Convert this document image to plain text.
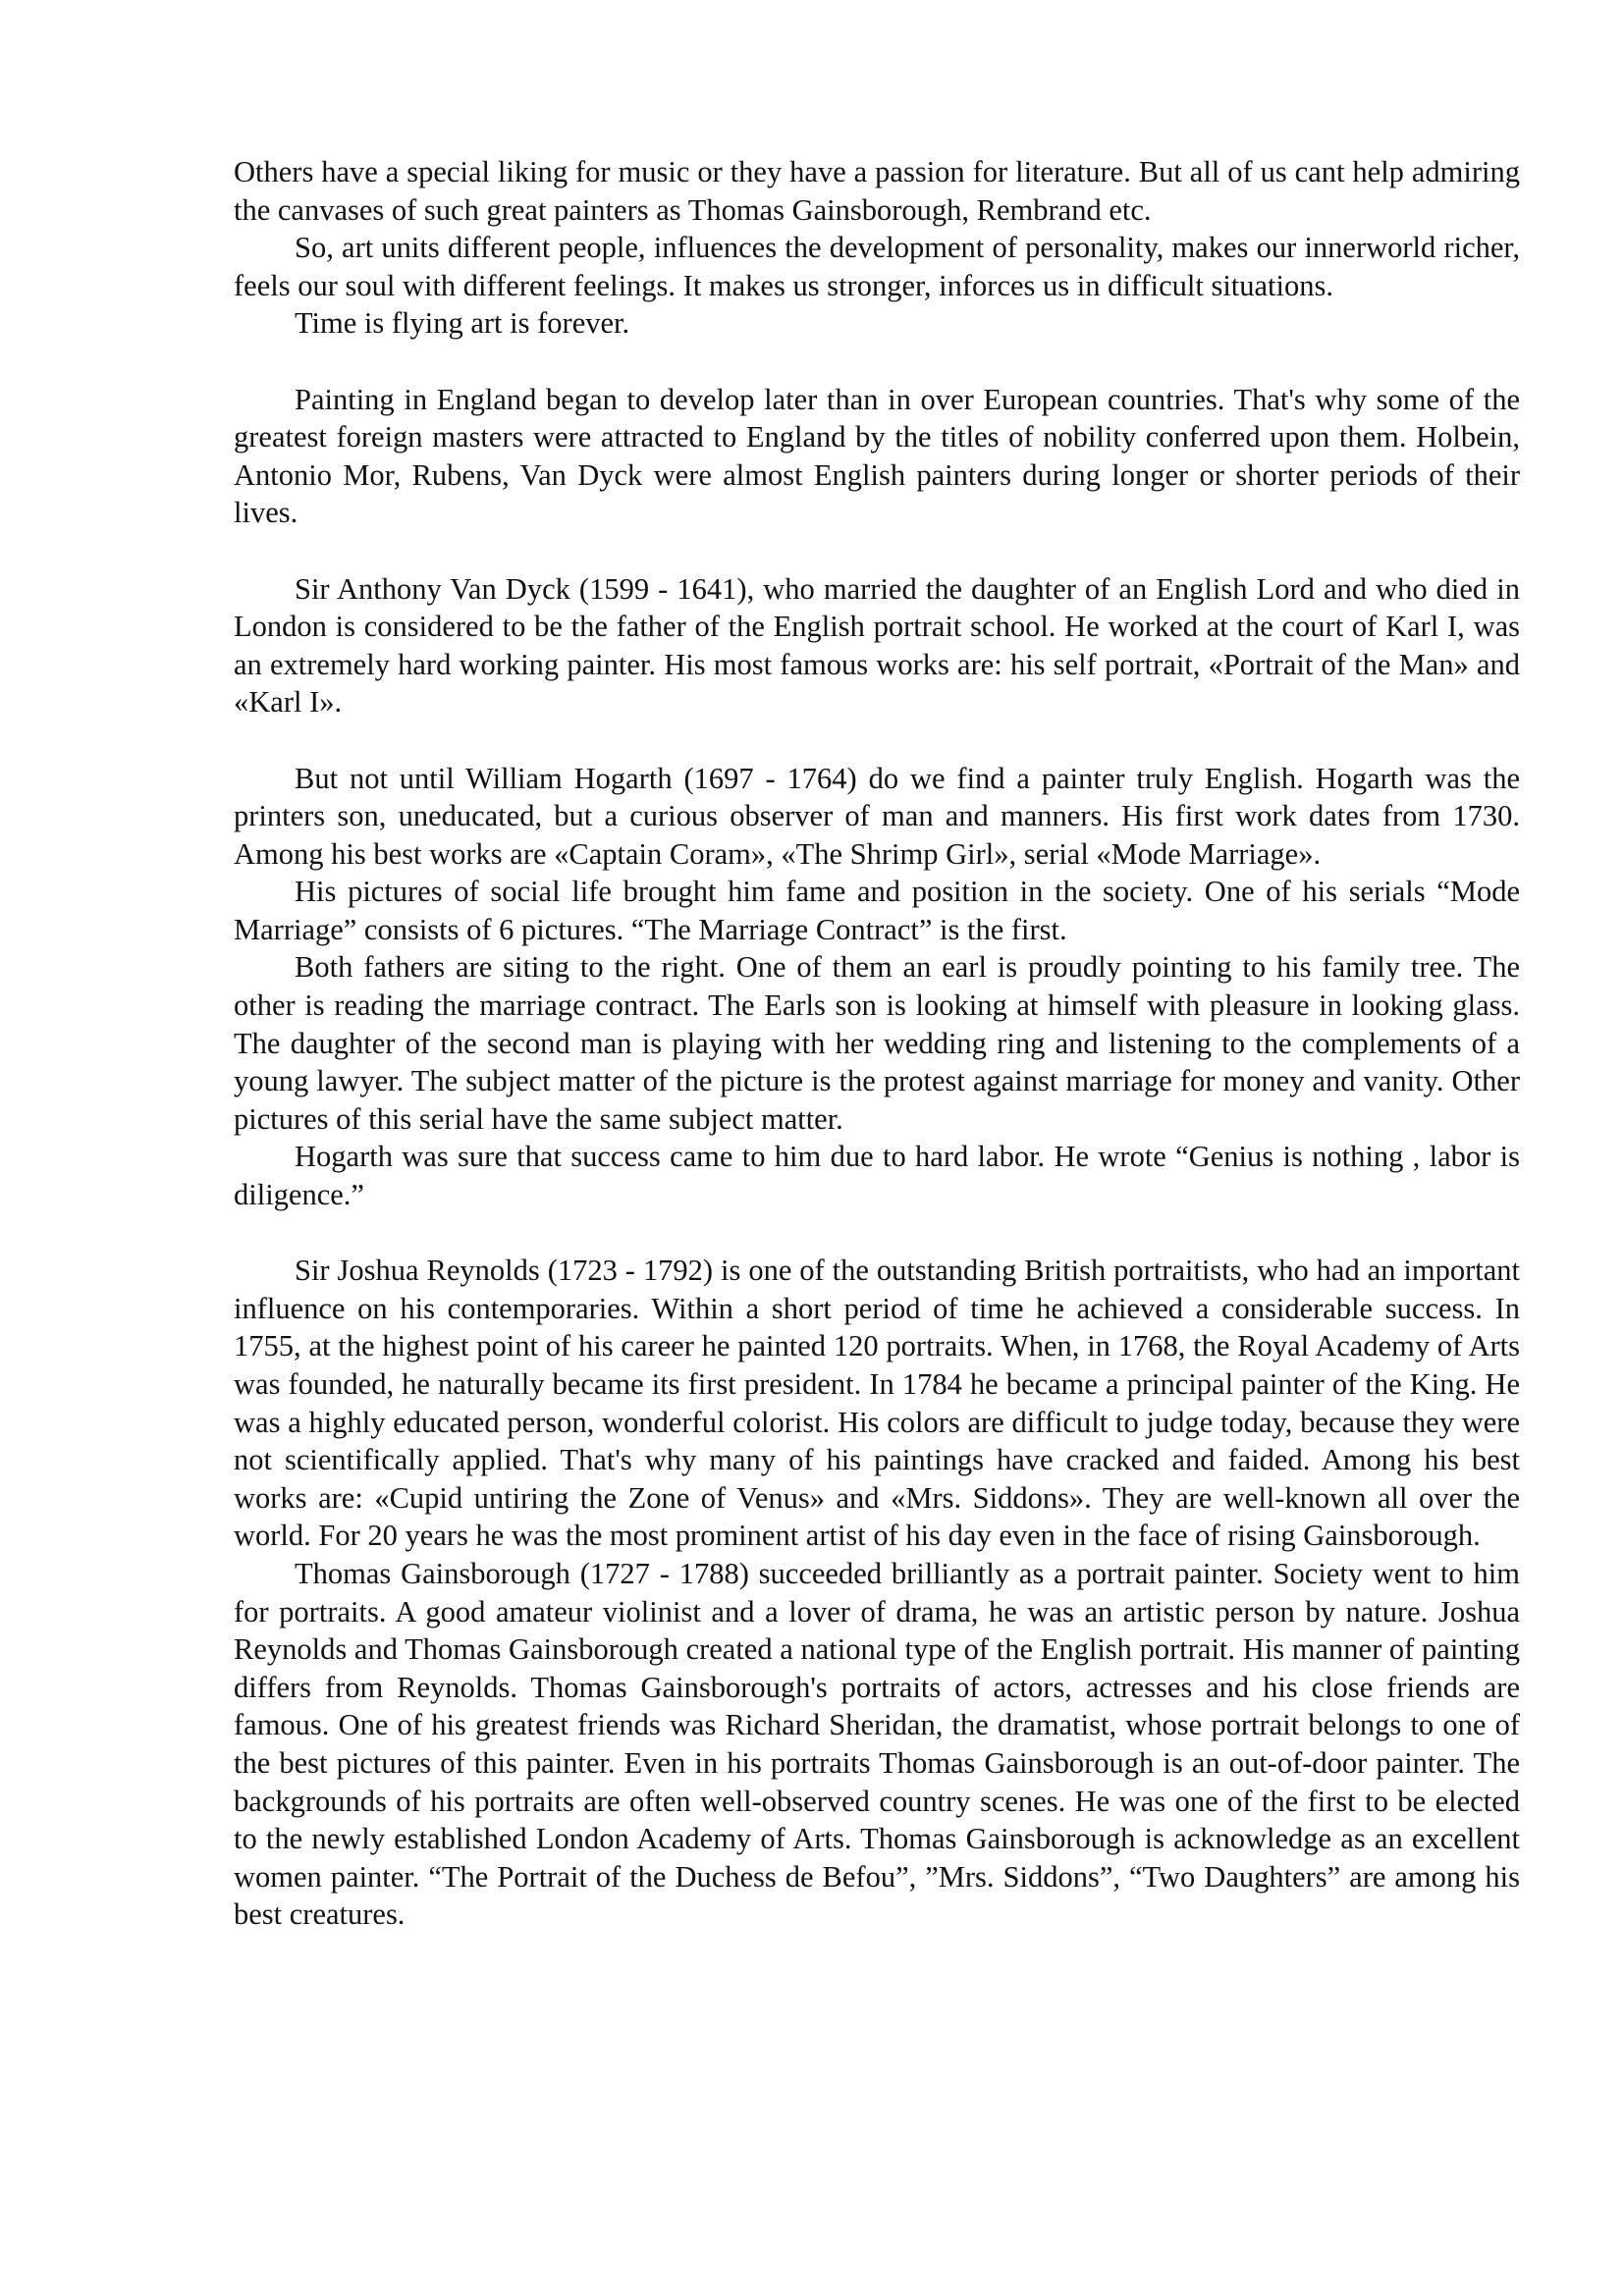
Others have a special liking for music or they have a passion for literature. But all of us cant help admiring the canvases of such great painters as Thomas Gainsborough, Rembrand etc.

So, art units different people, influences the development of personality, makes our innerworld richer, feels our soul with different feelings. It makes us stronger, inforces us in difficult situations.

Time is flying art is forever.

Painting in England began to develop later than in over European countries. That's why some of the greatest foreign masters were attracted to England by the titles of nobility conferred upon them. Holbein, Antonio Mor, Rubens, Van Dyck were almost English painters during longer or shorter periods of their lives.

Sir Anthony Van Dyck (1599 - 1641), who married the daughter of an English Lord and who died in London is considered to be the father of the English portrait school. He worked at the court of Karl I, was an extremely hard working painter. His most famous works are: his self portrait, «Portrait of the Man» and «Karl I».

But not until William Hogarth (1697 - 1764) do we find a painter truly English. Hogarth was the printers son, uneducated, but a curious observer of man and manners. His first work dates from 1730. Among his best works are «Captain Coram», «The Shrimp Girl», serial «Mode Marriage».

His pictures of social life brought him fame and position in the society. One of his serials “Mode Marriage” consists of 6 pictures. “The Marriage Contract” is the first.

Both fathers are siting to the right. One of them an earl is proudly pointing to his family tree. The other is reading the marriage contract. The Earls son is looking at himself with pleasure in looking glass. The daughter of the second man is playing with her wedding ring and listening to the complements of a young lawyer. The subject matter of the picture is the protest against marriage for money and vanity. Other pictures of this serial have the same subject matter.

Hogarth was sure that success came to him due to hard labor. He wrote “Genius is nothing , labor is diligence.”

Sir Joshua Reynolds (1723 - 1792) is one of the outstanding British portraitists, who had an important influence on his contemporaries. Within a short period of time he achieved a considerable success. In 1755, at the highest point of his career he painted 120 portraits. When, in 1768, the Royal Academy of Arts was founded, he naturally became its first president. In 1784 he became a principal painter of the King. He was a highly educated person, wonderful colorist. His colors are difficult to judge today, because they were not scientifically applied. That's why many of his paintings have cracked and faided. Among his best works are: «Cupid untiring the Zone of Venus» and «Mrs. Siddons». They are well-known all over the world. For 20 years he was the most prominent artist of his day even in the face of rising Gainsborough.

Thomas Gainsborough (1727 - 1788) succeeded brilliantly as a portrait painter. Society went to him for portraits. A good amateur violinist and a lover of drama, he was an artistic person by nature. Joshua Reynolds and Thomas Gainsborough created a national type of the English portrait. His manner of painting differs from Reynolds. Thomas Gainsborough's portraits of actors, actresses and his close friends are famous. One of his greatest friends was Richard Sheridan, the dramatist, whose portrait belongs to one of the best pictures of this painter. Even in his portraits Thomas Gainsborough is an out-of-door painter. The backgrounds of his portraits are often well-observed country scenes. He was one of the first to be elected to the newly established London Academy of Arts. Thomas Gainsborough is acknowledge as an excellent women painter. “The Portrait of the Duchess de Befou”, ”Mrs. Siddons”, “Two Daughters” are among his best creatures.
